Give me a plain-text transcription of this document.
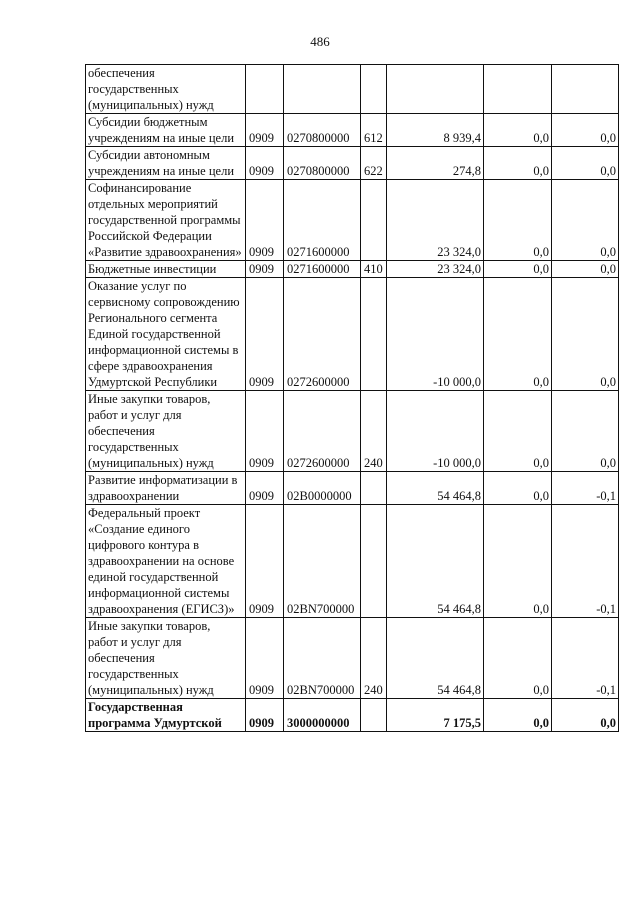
486
обеспечения государственных (муниципальных) нужд						
Субсидии бюджетным учреждениям на иные цели	0909	0270800000	612	8 939,4	0,0	0,0
Субсидии автономным учреждениям на иные цели	0909	0270800000	622	274,8	0,0	0,0
Софинансирование отдельных мероприятий государственной программы Российской Федерации «Развитие здравоохранения»	0909	0271600000		23 324,0	0,0	0,0
Бюджетные инвестиции	0909	0271600000	410	23 324,0	0,0	0,0
Оказание услуг по сервисному сопровождению Регионального сегмента Единой государственной информационной системы в сфере здравоохранения Удмуртской Республики	0909	0272600000		-10 000,0	0,0	0,0
Иные закупки товаров, работ и услуг для обеспечения государственных (муниципальных) нужд	0909	0272600000	240	-10 000,0	0,0	0,0
Развитие информатизации в здравоохранении	0909	02B0000000		54 464,8	0,0	-0,1
Федеральный проект «Создание единого цифрового контура в здравоохранении на основе единой государственной информационной системы здравоохранения (ЕГИСЗ)»	0909	02BN700000		54 464,8	0,0	-0,1
Иные закупки товаров, работ и услуг для обеспечения государственных (муниципальных) нужд	0909	02BN700000	240	54 464,8	0,0	-0,1
Государственная программа Удмуртской	0909	3000000000		7 175,5	0,0	0,0
